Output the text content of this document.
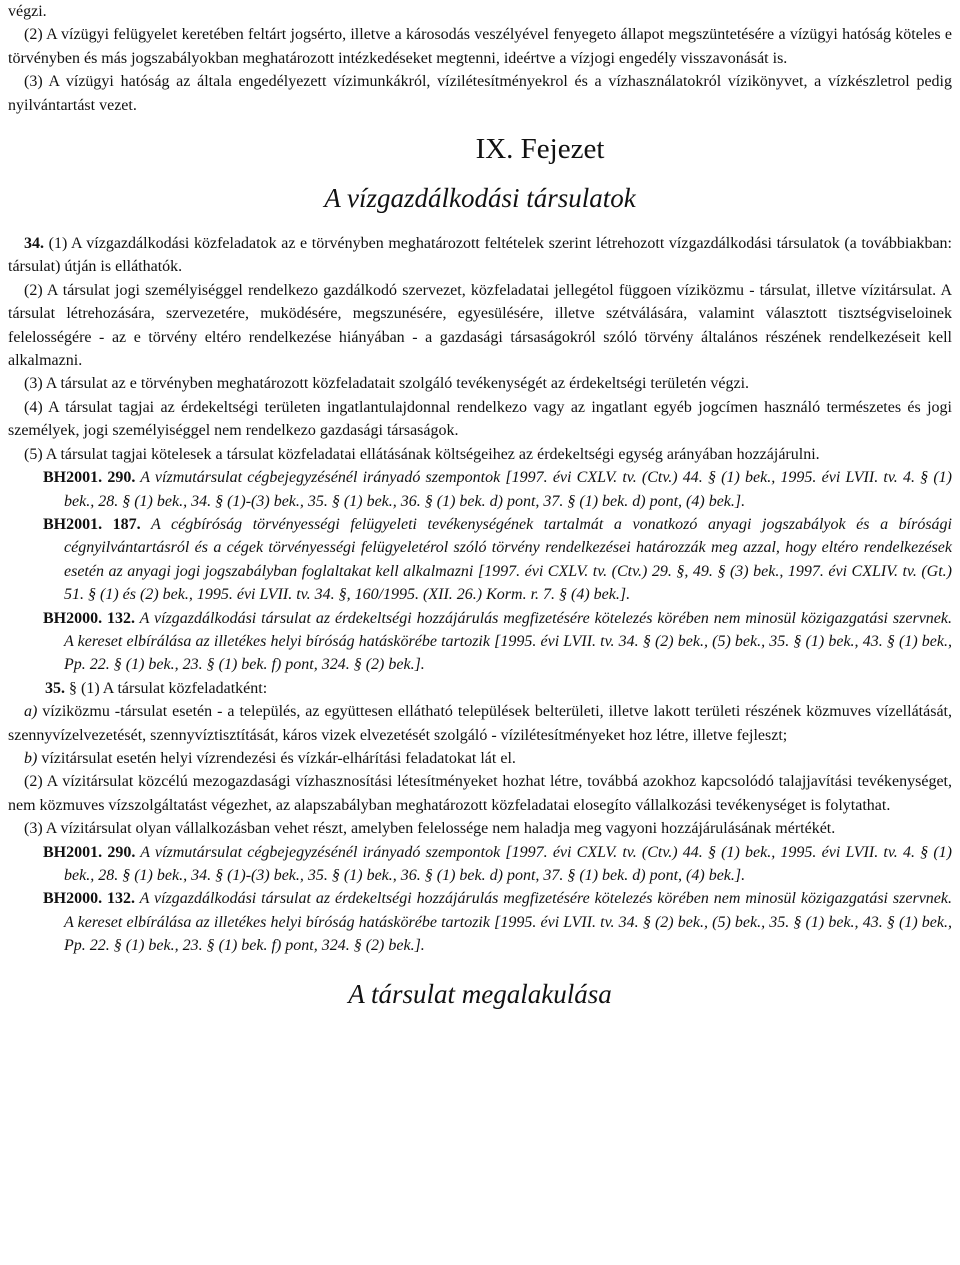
végzi.

(2) A vízügyi felügyelet keretében feltárt jogsérto, illetve a károsodás veszélyével fenyegeto állapot megszüntetésére a vízügyi hatóság köteles e törvényben és más jogszabályokban meghatározott intézkedéseket megtenni, ideértve a vízjogi engedély visszavonását is.

(3) A vízügyi hatóság az általa engedélyezett vízimunkákról, vízilétesítményekrol és a vízhasználatokról vízikönyvet, a vízkészletrol pedig nyilvántartást vezet.

IX. Fejezet
A vízgazdálkodási társulatok

34. (1) A vízgazdálkodási közfeladatok az e törvényben meghatározott feltételek szerint létrehozott vízgazdálkodási társulatok (a továbbiakban: társulat) útján is elláthatók.

(2) A társulat jogi személyiséggel rendelkezo gazdálkodó szervezet, közfeladatai jellegétol függoen víziközmu - társulat, illetve vízitársulat. A társulat létrehozására, szervezetére, muködésére, megszunésére, egyesülésére, illetve szétválására, valamint választott tisztségviseloinek felelosségére - az e törvény eltéro rendelkezése hiányában - a gazdasági társaságokról szóló törvény általános részének rendelkezéseit kell alkalmazni.

(3) A társulat az e törvényben meghatározott közfeladatait szolgáló tevékenységét az érdekeltségi területén végzi.

(4) A társulat tagjai az érdekeltségi területen ingatlantulajdonnal rendelkezo vagy az ingatlant egyéb jogcímen használó természetes és jogi személyek, jogi személyiséggel nem rendelkezo gazdasági társaságok.

(5) A társulat tagjai kötelesek a társulat közfeladatai ellátásának költségeihez az érdekeltségi egység arányában hozzájárulni.

BH2001. 290. A vízmutársulat cégbejegyzésénél irányadó szempontok [1997. évi CXLV. tv. (Ctv.) 44. § (1) bek., 1995. évi LVII. tv. 4. § (1) bek., 28. § (1) bek., 34. § (1)-(3) bek., 35. § (1) bek., 36. § (1) bek. d) pont, 37. § (1) bek. d) pont, (4) bek.].

BH2001. 187. A cégbíróság törvényességi felügyeleti tevékenységének tartalmát a vonatkozó anyagi jogszabályok és a bírósági cégnyilvántartásról és a cégek törvényességi felügyeletérol szóló törvény rendelkezései határozzák meg azzal, hogy eltéro rendelkezések esetén az anyagi jogi jogszabályban foglaltakat kell alkalmazni [1997. évi CXLV. tv. (Ctv.) 29. §, 49. § (3) bek., 1997. évi CXLIV. tv. (Gt.) 51. § (1) és (2) bek., 1995. évi LVII. tv. 34. §, 160/1995. (XII. 26.) Korm. r. 7. § (4) bek.].

BH2000. 132. A vízgazdálkodási társulat az érdekeltségi hozzájárulás megfizetésére kötelezés körében nem minosül közigazgatási szervnek. A kereset elbírálása az illetékes helyi bíróság hatáskörébe tartozik [1995. évi LVII. tv. 34. § (2) bek., (5) bek., 35. § (1) bek., 43. § (1) bek., Pp. 22. § (1) bek., 23. § (1) bek. f) pont, 324. § (2) bek.].

35. § (1) A társulat közfeladatként:

a) víziközmu -társulat esetén - a település, az együttesen ellátható települések belterületi, illetve lakott területi részének közmuves vízellátását, szennyvízelvezetését, szennyvíztisztítását, káros vizek elvezetését szolgáló - vízilétesítményeket hoz létre, illetve fejleszt;

b) vízitársulat esetén helyi vízrendezési és vízkár-elhárítási feladatokat lát el.

(2) A vízitársulat közcélú mezogazdasági vízhasznosítási létesítményeket hozhat létre, továbbá azokhoz kapcsolódó talajjavítási tevékenységet, nem közmuves vízszolgáltatást végezhet, az alapszabályban meghatározott közfeladatai elosegíto vállalkozási tevékenységet is folytathat.

(3) A vízitársulat olyan vállalkozásban vehet részt, amelyben felelossége nem haladja meg vagyoni hozzájárulásának mértékét.

BH2001. 290. A vízmutársulat cégbejegyzésénél irányadó szempontok [1997. évi CXLV. tv. (Ctv.) 44. § (1) bek., 1995. évi LVII. tv. 4. § (1) bek., 28. § (1) bek., 34. § (1)-(3) bek., 35. § (1) bek., 36. § (1) bek. d) pont, 37. § (1) bek. d) pont, (4) bek.].

BH2000. 132. A vízgazdálkodási társulat az érdekeltségi hozzájárulás megfizetésére kötelezés körében nem minosül közigazgatási szervnek. A kereset elbírálása az illetékes helyi bíróság hatáskörébe tartozik [1995. évi LVII. tv. 34. § (2) bek., (5) bek., 35. § (1) bek., 43. § (1) bek., Pp. 22. § (1) bek., 23. § (1) bek. f) pont, 324. § (2) bek.].

A társulat megalakulása
